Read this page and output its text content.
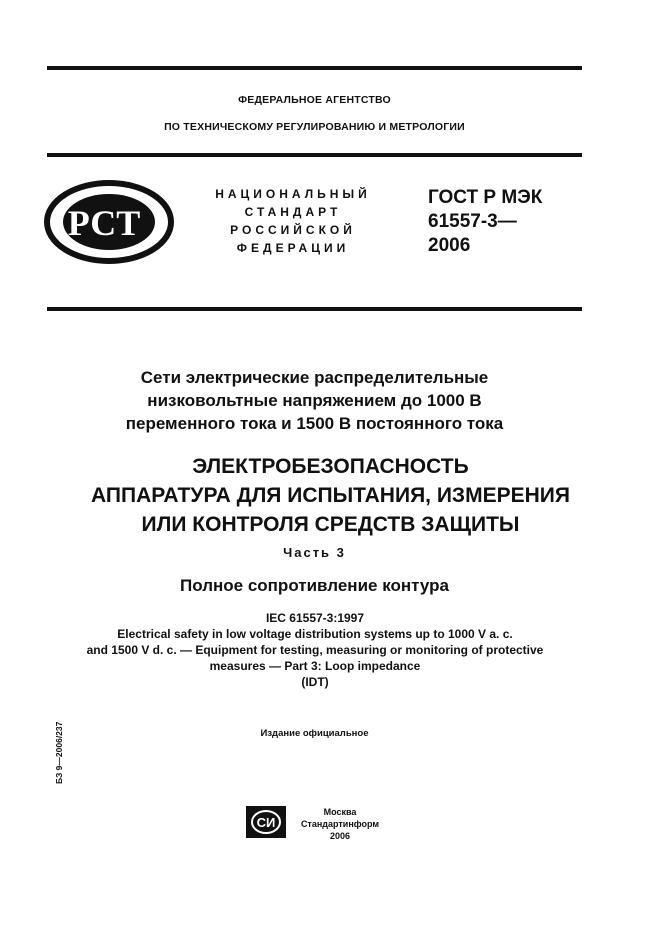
ФЕДЕРАЛЬНОЕ АГЕНТСТВО
ПО ТЕХНИЧЕСКОМУ РЕГУЛИРОВАНИЮ И МЕТРОЛОГИИ
РСТ
НАЦИОНАЛЬНЫЙ
СТАНДАРТ
РОССИЙСКОЙ
ФЕДЕРАЦИИ
ГОСТ Р МЭК
61557-3—
2006
Сети электрические распределительные
низковольтные напряжением до 1000 В
переменного тока и 1500 В постоянного тока
ЭЛЕКТРОБЕЗОПАСНОСТЬ
АППАРАТУРА ДЛЯ ИСПЫТАНИЯ, ИЗМЕРЕНИЯ
ИЛИ КОНТРОЛЯ СРЕДСТВ ЗАЩИТЫ
Часть 3
Полное сопротивление контура
IEC 61557-3:1997
Electrical safety in low voltage distribution systems up to 1000 V a. c.
and 1500 V d. c. — Equipment for testing, measuring or monitoring of protective
measures — Part 3: Loop impedance
(IDT)
Издание официальное
БЗ 9—2006/237
СИ
Москва
Стандартинформ
2006
